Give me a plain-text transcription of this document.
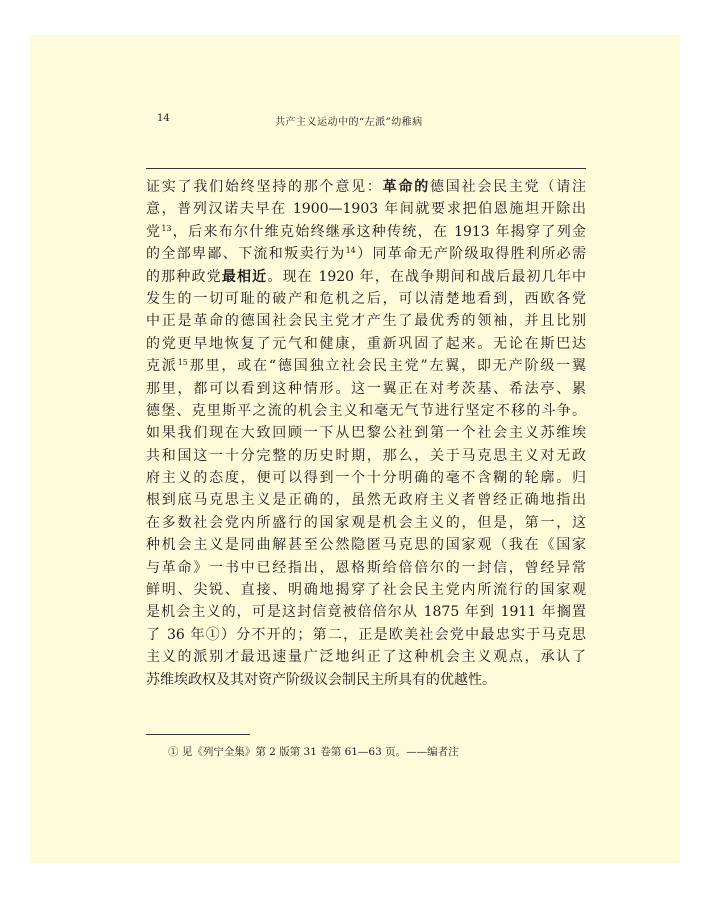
14	共产主义运动中的“左派”幼稚病
证实了我们始终坚持的那个意见：革命的德国社会民主党（请注
意，普列汉诺夫早在 1900—1903 年间就要求把伯恩施坦开除出
党$^{13}$，后来布尔什维克始终继承这种传统，在 1913 年揭穿了列金
的全部卑鄙、下流和叛卖行为$^{14}$）同革命无产阶级取得胜利所必需
的那种政党最相近。现在 1920 年，在战争期间和战后最初几年中
发生的一切可耻的破产和危机之后，可以清楚地看到，西欧各党
中正是革命的德国社会民主党才产生了最优秀的领袖，并且比别
的党更早地恢复了元气和健康，重新巩固了起来。无论在斯巴达
克派$^{15}$那里，或在“德国独立社会民主党”左翼，即无产阶级一翼
那里，都可以看到这种情形。这一翼正在对考茨基、希法亭、累
德堡、克里斯平之流的机会主义和毫无气节进行坚定不移的斗争。
如果我们现在大致回顾一下从巴黎公社到第一个社会主义苏维埃
共和国这一十分完整的历史时期，那么，关于马克思主义对无政
府主义的态度，便可以得到一个十分明确的毫不含糊的轮廓。归
根到底马克思主义是正确的，虽然无政府主义者曾经正确地指出
在多数社会党内所盛行的国家观是机会主义的，但是，第一，这
种机会主义是同曲解甚至公然隐匿马克思的国家观（我在《国家
与革命》一书中已经指出，恩格斯给倍倍尔的一封信，曾经异常
鲜明、尖锐、直接、明确地揭穿了社会民主党内所流行的国家观
是机会主义的，可是这封信竟被倍倍尔从 1875 年到 1911 年搁置
了 36 年①）分不开的；第二，正是欧美社会党中最忠实于马克思
主义的派别才最迅速量广泛地纠正了这种机会主义观点，承认了
苏维埃政权及其对资产阶级议会制民主所具有的优越性。
① 见《列宁全集》第 2 版第 31 卷第 61—63 页。——编者注
